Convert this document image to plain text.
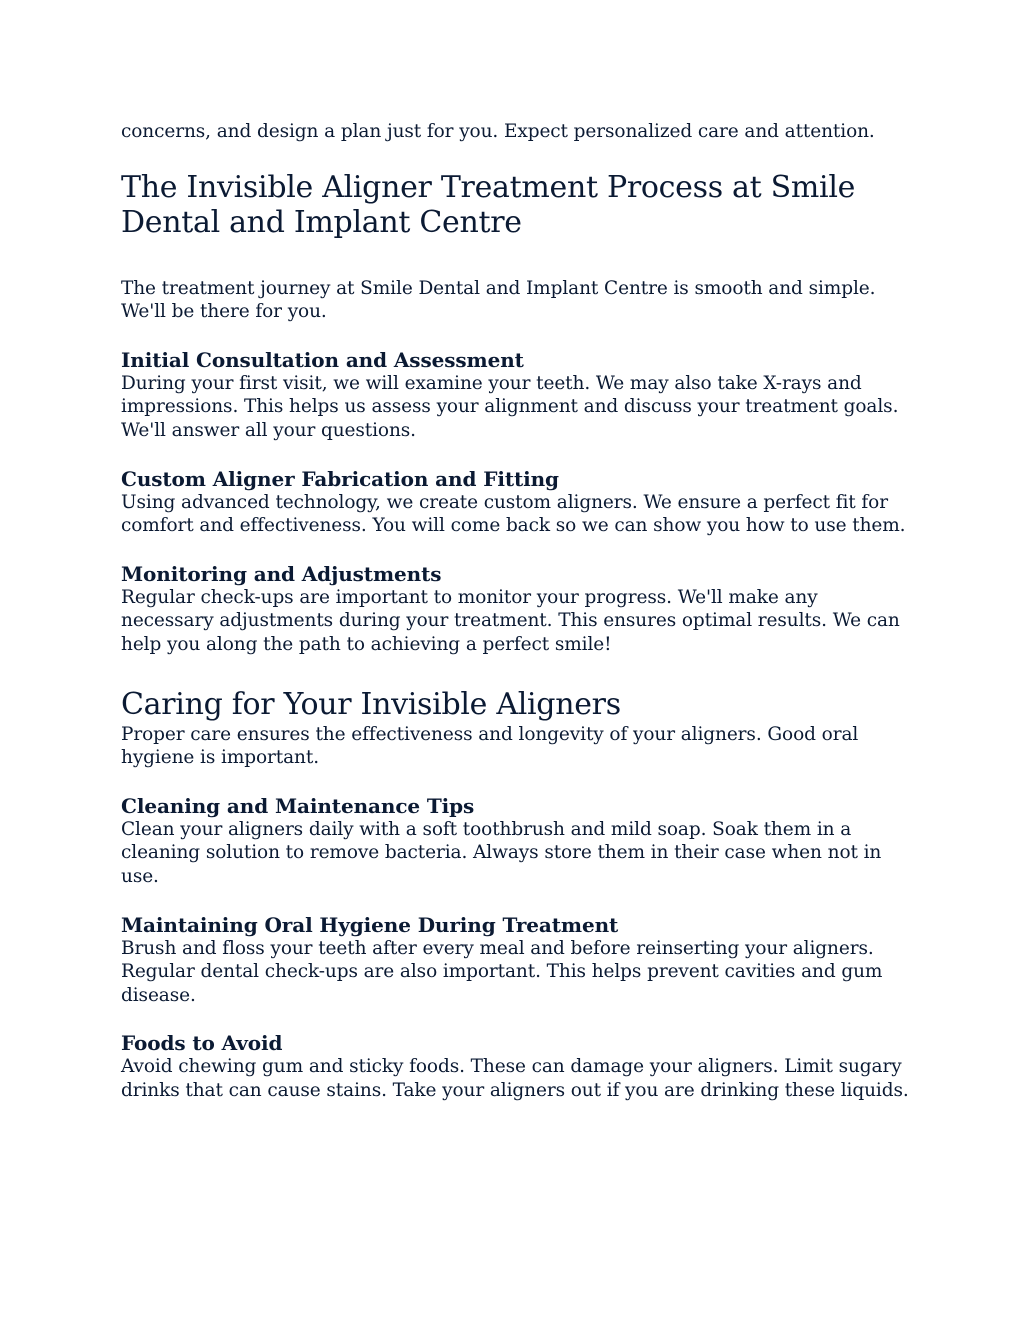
concerns, and design a plan just for you. Expect personalized care and attention.

The Invisible Aligner Treatment Process at Smile Dental and Implant Centre

The treatment journey at Smile Dental and Implant Centre is smooth and simple. We'll be there for you.

Initial Consultation and Assessment

During your first visit, we will examine your teeth. We may also take X-rays and impressions. This helps us assess your alignment and discuss your treatment goals. We'll answer all your questions.

Custom Aligner Fabrication and Fitting

Using advanced technology, we create custom aligners. We ensure a perfect fit for comfort and effectiveness. You will come back so we can show you how to use them.

Monitoring and Adjustments

Regular check-ups are important to monitor your progress. We'll make any necessary adjustments during your treatment. This ensures optimal results. We can help you along the path to achieving a perfect smile!

Caring for Your Invisible Aligners

Proper care ensures the effectiveness and longevity of your aligners. Good oral hygiene is important.

Cleaning and Maintenance Tips

Clean your aligners daily with a soft toothbrush and mild soap. Soak them in a cleaning solution to remove bacteria. Always store them in their case when not in use.

Maintaining Oral Hygiene During Treatment

Brush and floss your teeth after every meal and before reinserting your aligners. Regular dental check-ups are also important. This helps prevent cavities and gum disease.

Foods to Avoid

Avoid chewing gum and sticky foods. These can damage your aligners. Limit sugary drinks that can cause stains. Take your aligners out if you are drinking these liquids.
